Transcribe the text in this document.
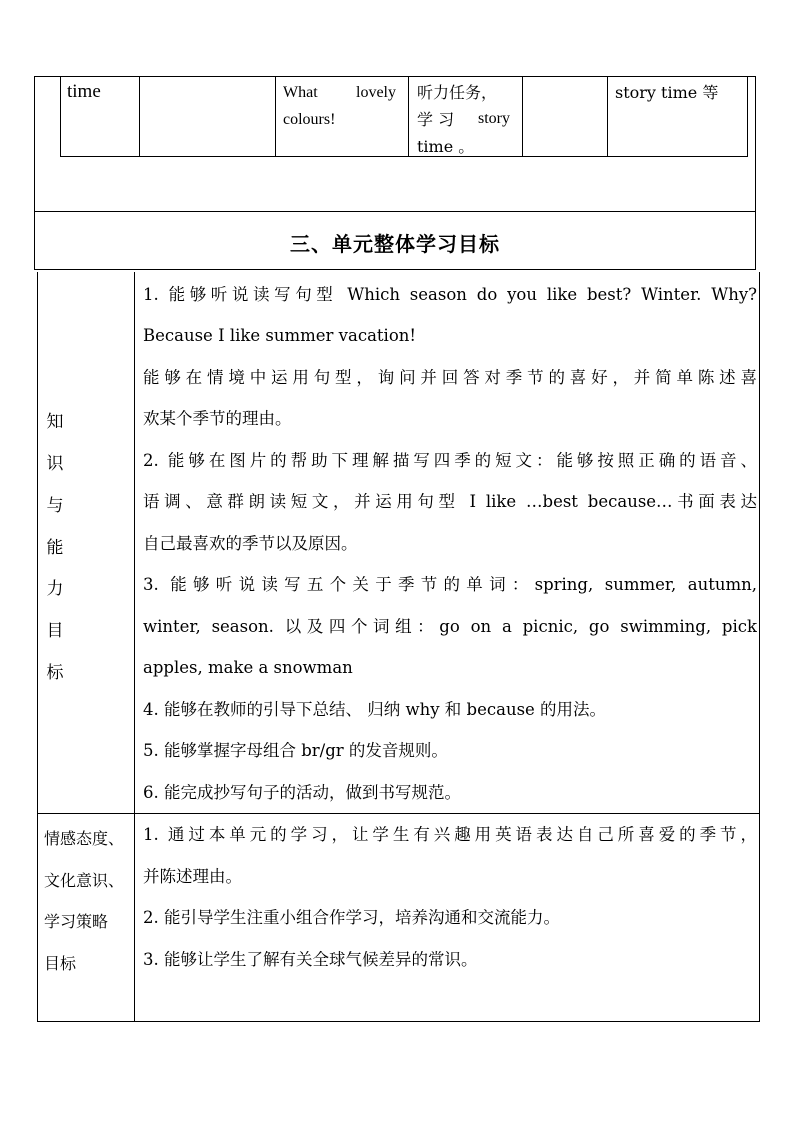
time	What lovely
colours!
听力任务，
学 习 story
time 。
story time 等
三、单元整体学习目标
知
识
与
能
力
目
标
1. 能够听说读写句型 Which season do you like best? Winter. Why?
Because I like summer vacation!
能够在情境中运用句型，询问并回答对季节的喜好，并简单陈述喜
欢某个季节的理由。
2. 能够在图片的帮助下理解描写四季的短文：能够按照正确的语音、
语调、意群朗读短文，并运用句型 I like …best because…书面表达
自己最喜欢的季节以及原因。
3. 能够听说读写五个关于季节的单词：spring, summer, autumn,
winter, season. 以及四个词组：go on a picnic, go swimming, pick
apples, make a snowman
4. 能够在教师的引导下总结、 归纳 why 和 because 的用法。
5. 能够掌握字母组合 br/gr 的发音规则。
6. 能完成抄写句子的活动，做到书写规范。
情感态度、
文化意识、
学习策略
目标
1. 通过本单元的学习，让学生有兴趣用英语表达自己所喜爱的季节，
并陈述理由。
2. 能引导学生注重小组合作学习，培养沟通和交流能力。
3. 能够让学生了解有关全球气候差异的常识。
